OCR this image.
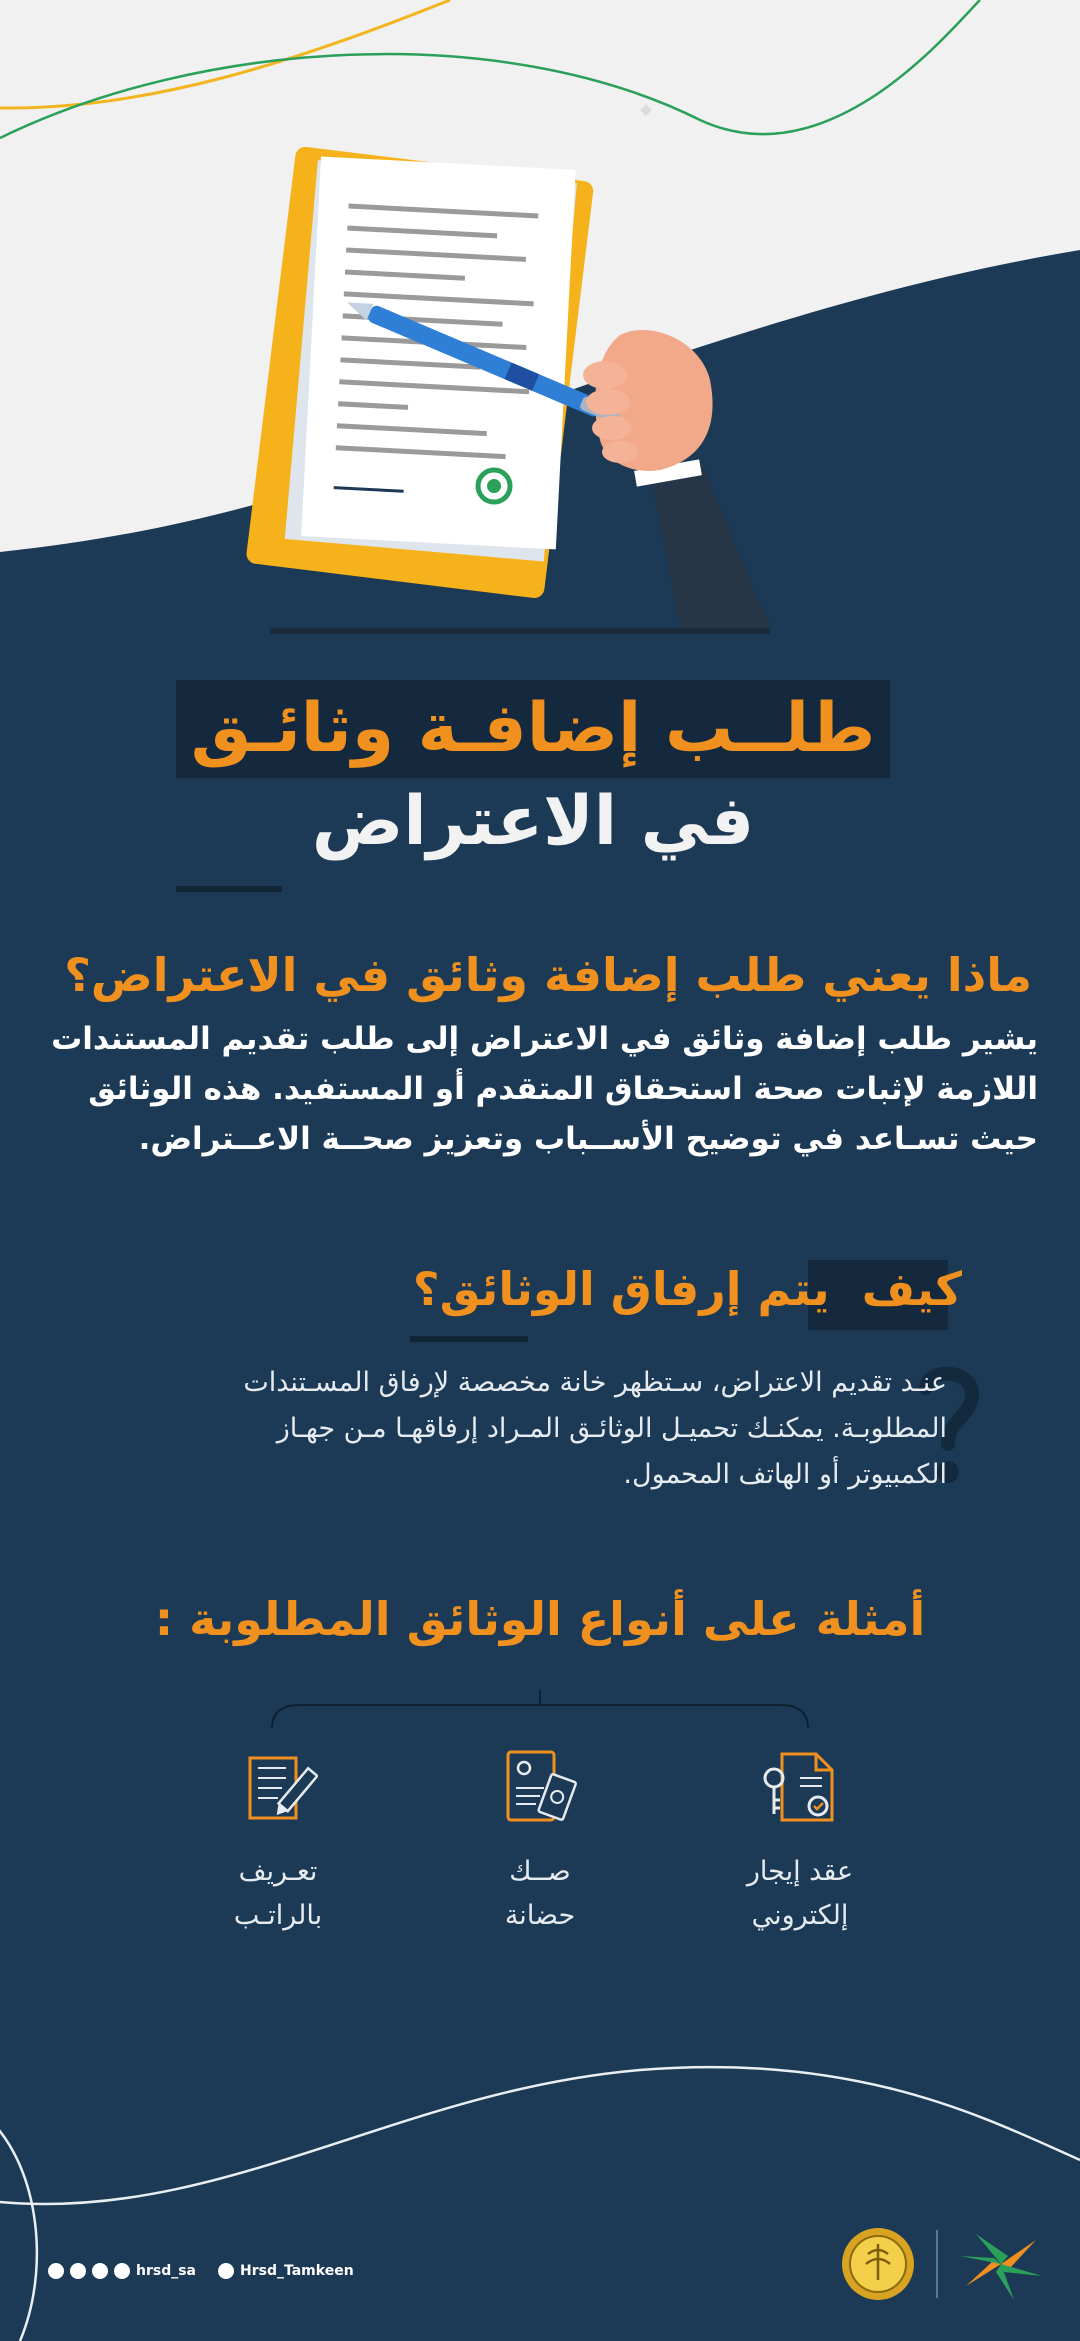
طلــب إضافـة وثائـق
في الاعتراض
ماذا يعني طلب إضافة وثائق في الاعتراض؟
يشير طلب إضافة وثائق في الاعتراض إلى طلب تقديم المستندات
اللازمة لإثبات صحة استحقاق المتقدم أو المستفيد. هذه الوثائق
حيث تسـاعد في توضيح الأســباب وتعزيز صحــة الاعــتراض.
كيف يتم إرفاق الوثائق؟
عنـد تقديم الاعتراض، سـتظهر خانة مخصصة لإرفاق المسـتندات
المطلوبـة. يمكنـك تحميـل الوثائـق المـراد إرفاقهـا مـن جهـاز
الكمبيوتر أو الهاتف المحمول.
أمثلة على أنواع الوثائق المطلوبة :
عقد إيجار
إلكتروني
صــك
حضانة
تعـريف
بالراتـب
hrsd_sa	Hrsd_Tamkeen
